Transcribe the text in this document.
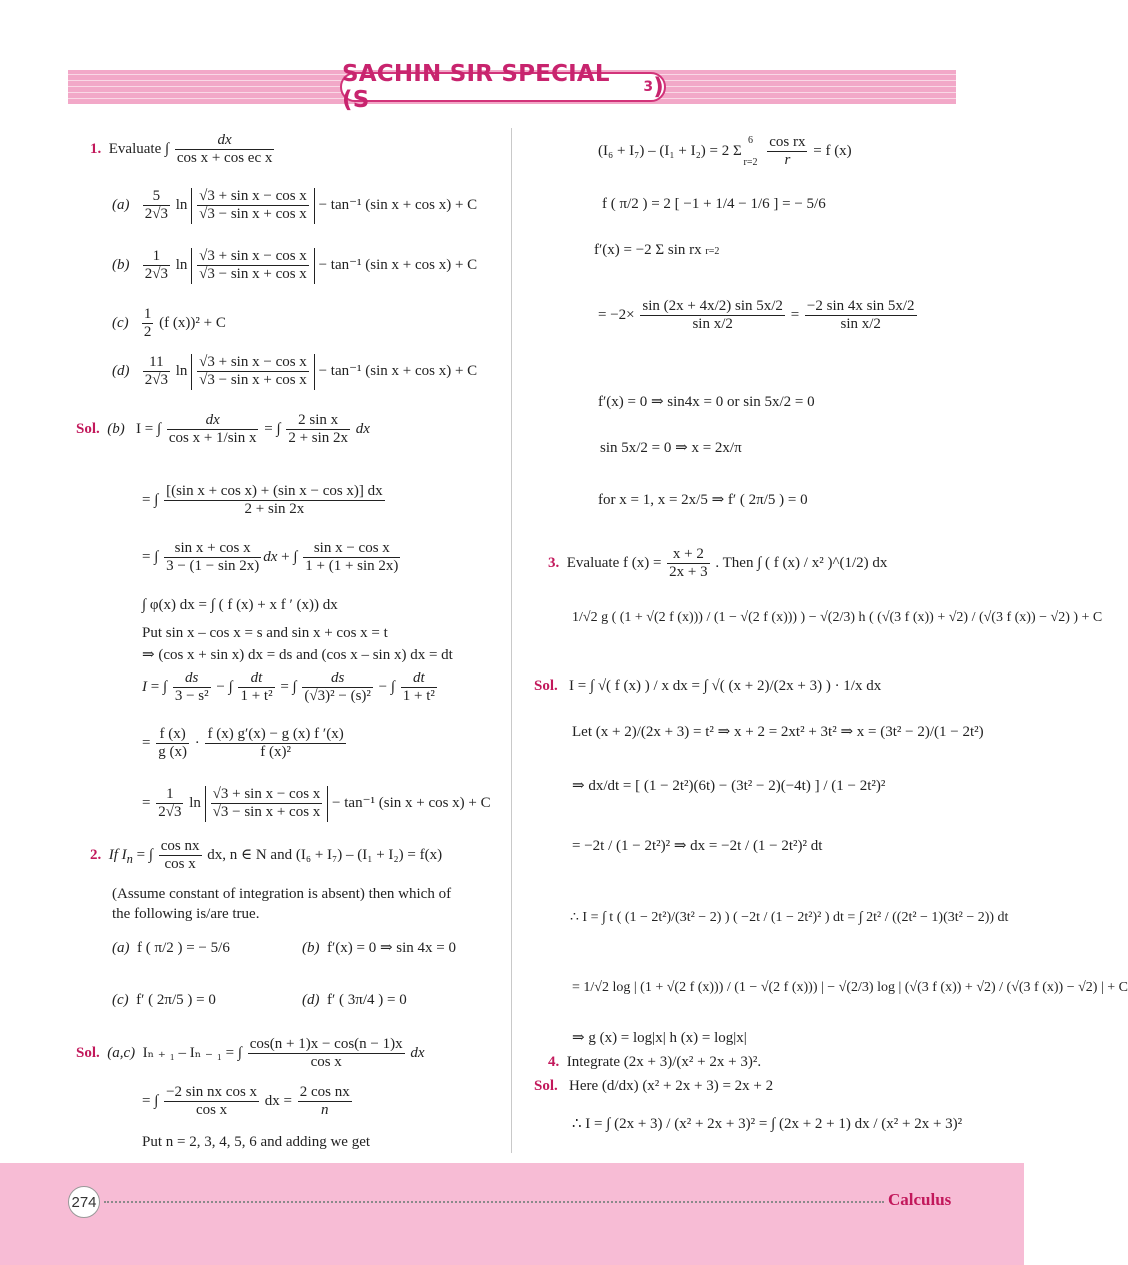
SACHIN SIR SPECIAL (S	3 )
1. Evaluate ∫ $\frac{dx}{\text{cos x + cos ec x}}$
$(a) \frac{5}{2√3}$ $\ln \frac{\text{√3 + sin x − cos x}}{\text{√3 − sin x + cos x}} - \tan^{-1}$ (sin x + cos x) + C
$(b) \frac{1}{2√3}$ $\ln \frac{\text{√3 + sin x − cos x}}{\text{√3 − sin x + cos x}} - \tan^{-1}$ (sin x + cos x) + C
$(c) \frac{1}{2} (f$ (x))² + C
$(d) \frac{11}{2√3}$ $\ln \frac{\text{√3 + sin x − cos x}}{\text{√3 − sin x + cos x}} - \tan^{-1}$ (sin x + cos x) + C
Sol. (b) I = ∫ $\frac{dx}{\text{cos x + 1/sin x}}$ = ∫ $\frac{\text{2 sin x}}{2 + \sin 2x}$ dx
= ∫ $\frac{\text{[(sin x + cos x) + (sin x − cos x)] dx}}{2 + \sin 2x}$
= ∫ $\frac{\text{sin x + cos x}}{3 - (1 - \sin 2x)}$ dx + ∫ $\frac{\text{sin x − cos x}}{1 + (1 + \sin 2x)}$
∫ φ(x) dx = ∫ ( f (x) + x f ′ (x)) dx
Put sin x – cos x = s and sin x + cos x = t
⇒ (cos x + sin x) dx = ds and (cos x – sin x) dx = dt
I = ∫ $\frac{ds}{\text{3 − s²}}$ − ∫ $\frac{dt}{\text{1 + t²}}$ = ∫ $\frac{ds}{\text{(√3)² − (s)²}}$ − ∫ $\frac{dt}{\text{1 + t²}}$
= $\frac{f (x)}{g (x)} \cdot \frac{f (x) g'(x) - g (x) f '(x)}{\text{f (x)²}}$
= $\frac{1}{2√3}$ $\ln \frac{\text{√3 + sin x − cos x}}{\text{√3 − sin x + cos x}} - \tan^{-1}$ (sin x + cos x) + C
2. If $I_n$ = ∫ $\frac{\text{cos nx}}{\text{cos x}}$ dx, n ∈ N and (I₆ + I₇) – (I₁ + I₂) = f(x)
(Assume constant of integration is absent) then which of
the following is/are true.
(a) f ( π/2 ) = − 5/6	(b) f′(x) = 0 ⇒ sin 4x = 0
(c) f′ ( 2π/5 ) = 0	(d) f′ ( 3π/4 ) = 0
Sol. (a,c) Iₙ ₊ ₁ – Iₙ ₋ ₁ = ∫ $\frac{\cos(n + 1)x - \cos(n - 1)x}{\text{cos x}}$ dx
= ∫ $\frac{\text{−2 sin nx cos x}}{\text{cos x}}$ dx = $\frac{\text{2 cos nx}}{n}$
Put n = 2, 3, 4, 5, 6 and adding we get
(I₆ + I₇) – (I₁ + I₂) = 2 Σ
6
r=2
$\frac{\text{cos rx}}{r} = f$ (x)
f ( π/2 ) = 2 [ −1 + 1/4 − 1/6 ] = − 5/6
f′(x) = −2 Σ sin rx r=2
= $-2\times \frac{\sin (2x + 4x/2) \sin 5x/2}{\text{sin x/2}} = \frac{\text{−2 sin 4x sin 5x/2}}{\text{sin x/2}}$
f′(x) = 0 ⇒ sin4x = 0 or sin 5x/2 = 0
sin 5x/2 = 0 ⇒ x = 2x/π
for x = 1, x = 2x/5 ⇒ f′ ( 2π/5 ) = 0
3. Evaluate f $(x) = \frac{x + 2}{2x + 3}$ . Then ∫ ( f (x) / x² )^(1/2) dx
1/√2 g ( (1 + √(2 f (x))) / (1 − √(2 f (x))) ) − √(2/3) h ( (√(3 f (x)) + √2) / (√(3 f (x)) − √2) ) + C
Sol. I = ∫ √( f (x) ) / x dx = ∫ √( (x + 2)/(2x + 3) ) · 1/x dx
Let (x + 2)/(2x + 3) = t² ⇒ x + 2 = 2xt² + 3t² ⇒ x = (3t² − 2)/(1 − 2t²)
⇒ dx/dt = [ (1 − 2t²)(6t) − (3t² − 2)(−4t) ] / (1 − 2t²)²
= −2t / (1 − 2t²)² ⇒ dx = −2t / (1 − 2t²)² dt
∴ I = ∫ t ( (1 − 2t²)/(3t² − 2) ) ( −2t / (1 − 2t²)² ) dt = ∫ 2t² / ((2t² − 1)(3t² − 2)) dt
= 1/√2 log | (1 + √(2 f (x))) / (1 − √(2 f (x))) | − √(2/3) log | (√(3 f (x)) + √2) / (√(3 f (x)) − √2) | + C
⇒ g (x) = log|x| h (x) = log|x|
4. Integrate (2x + 3)/(x² + 2x + 3)².
Sol. Here (d/dx) (x² + 2x + 3) = 2x + 2
∴ I = ∫ (2x + 3) / (x² + 2x + 3)² = ∫ (2x + 2 + 1) dx / (x² + 2x + 3)²
274	Calculus
